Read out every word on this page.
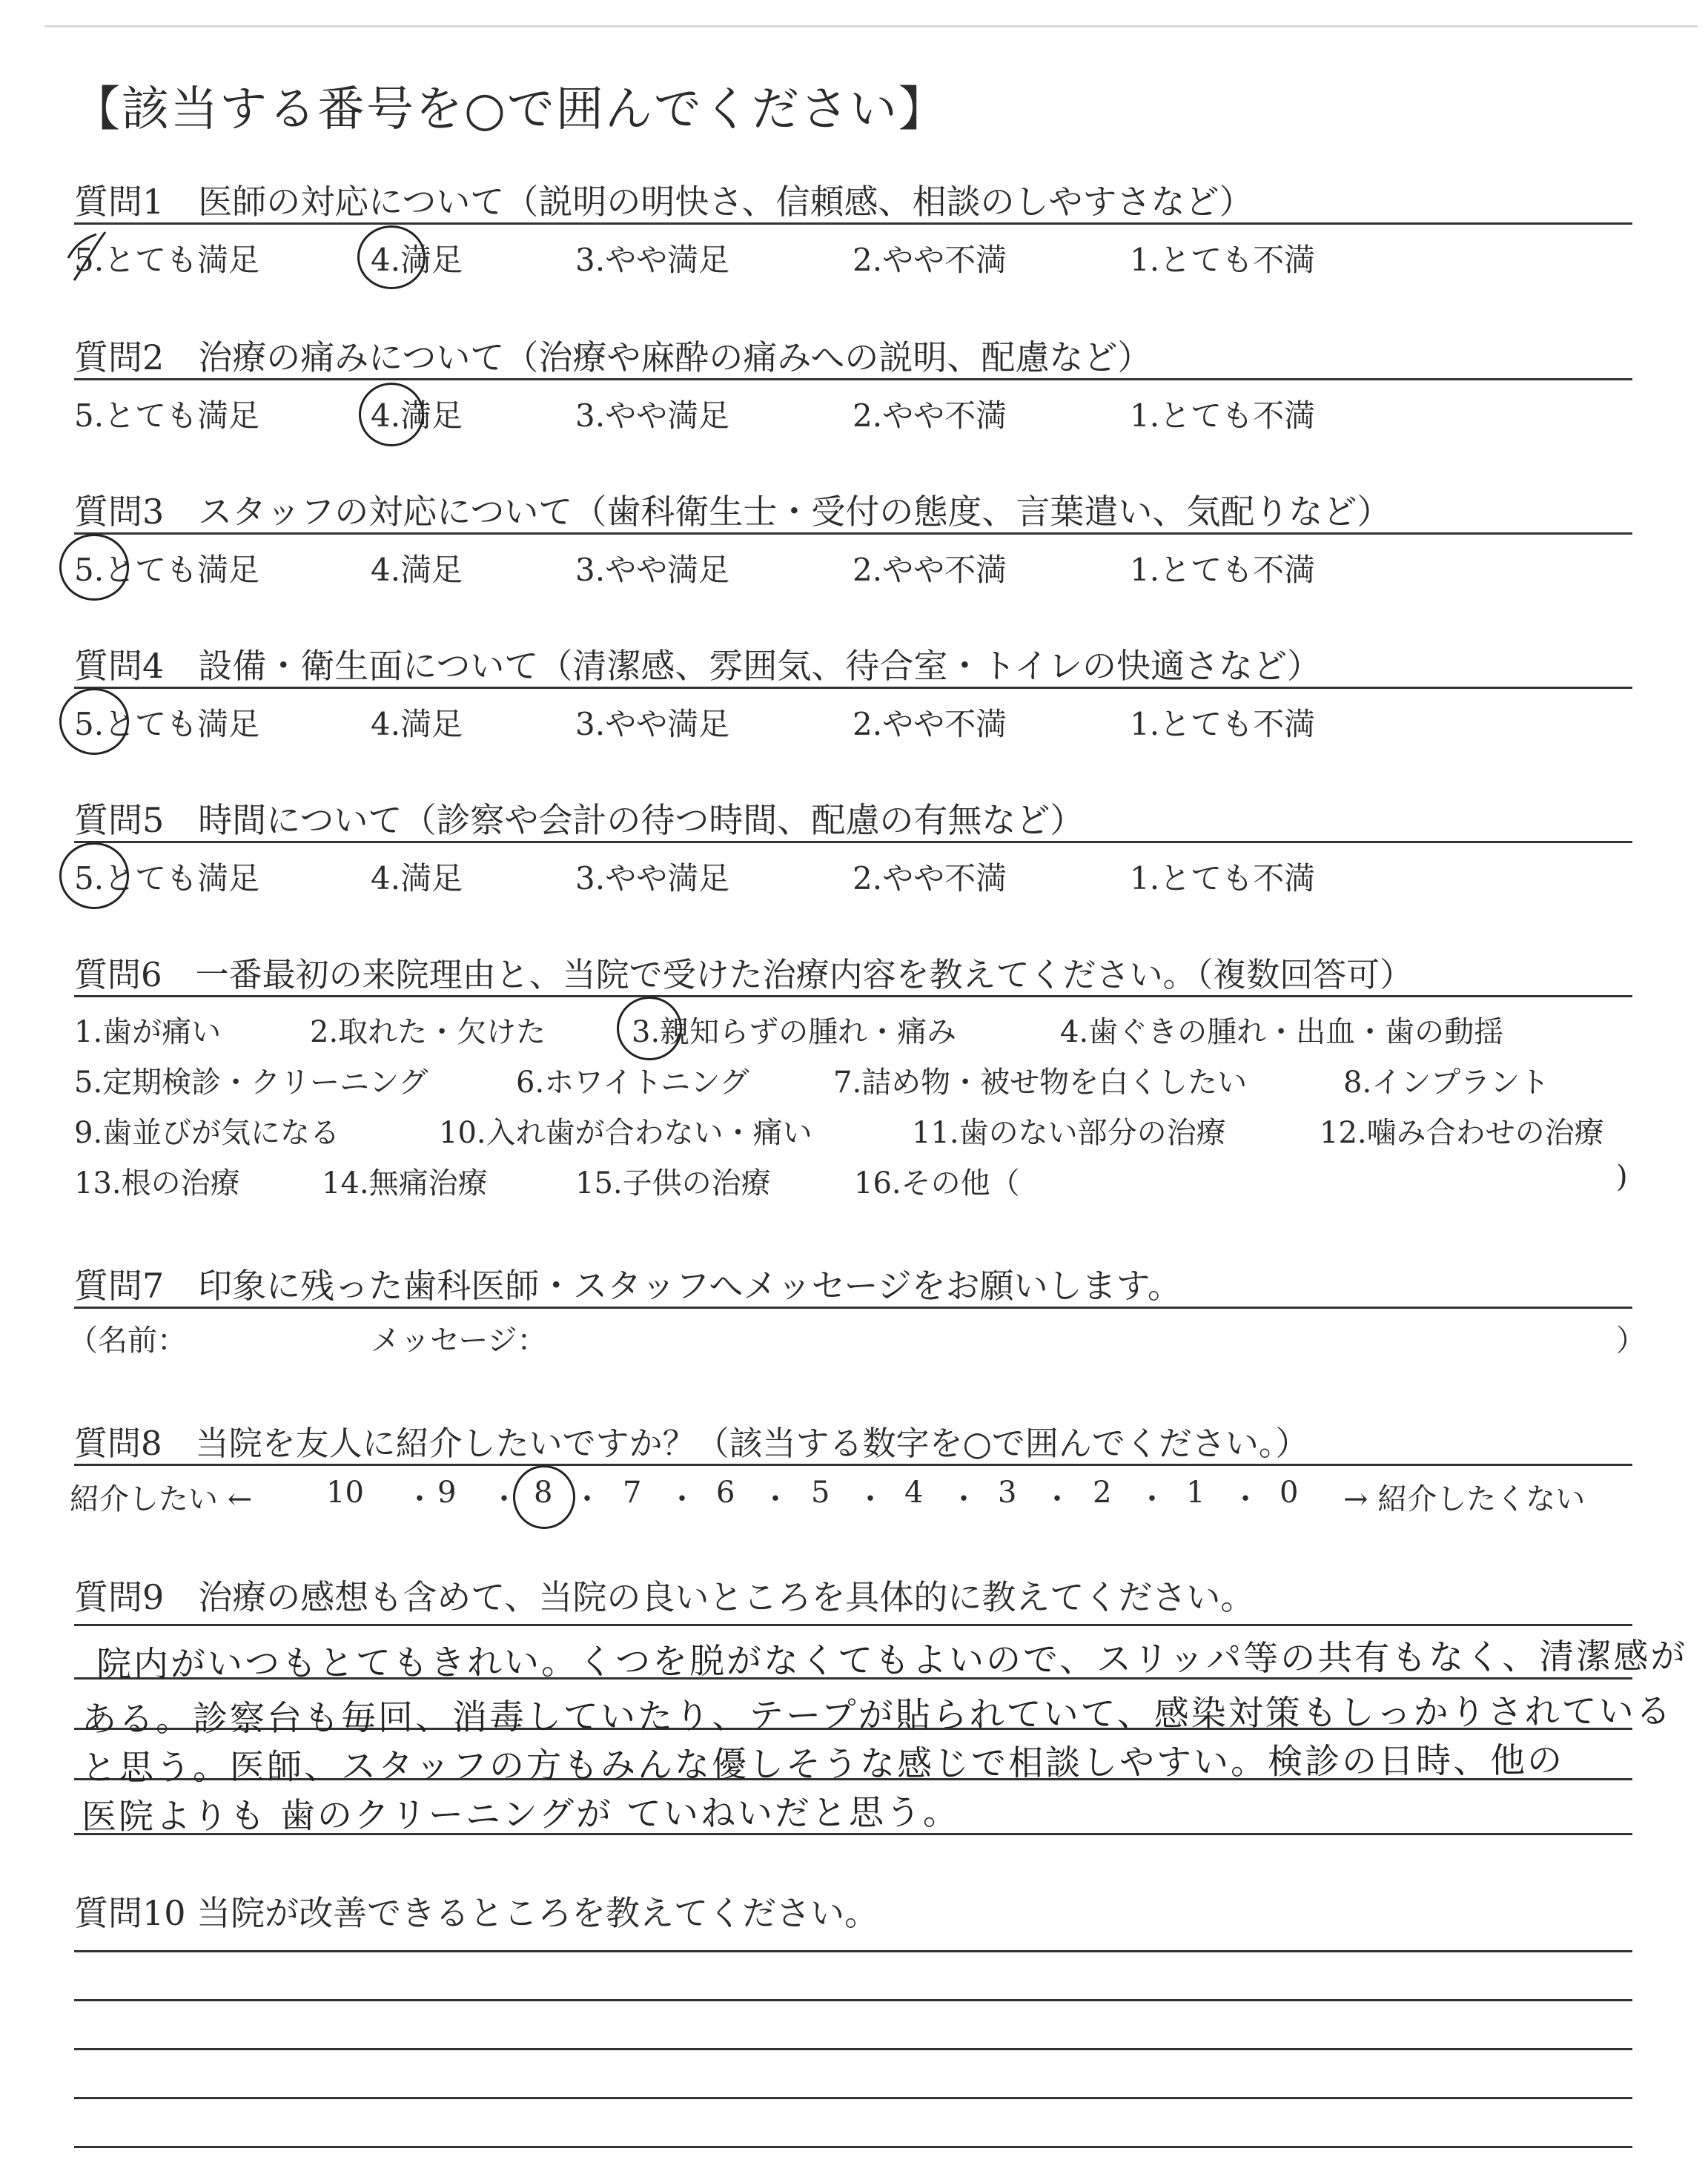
【該当する番号を○で囲んでください】
質問1　医師の対応について（説明の明快さ、信頼感、相談のしやすさなど）
5.とても満足	4.満足	3.やや満足	2.やや不満	1.とても不満
質問2　治療の痛みについて（治療や麻酔の痛みへの説明、配慮など）
5.とても満足	4.満足	3.やや満足	2.やや不満	1.とても不満
質問3　スタッフの対応について（歯科衛生士・受付の態度、言葉遣い、気配りなど）
5.とても満足	4.満足	3.やや満足	2.やや不満	1.とても不満
質問4　設備・衛生面について（清潔感、雰囲気、待合室・トイレの快適さなど）
5.とても満足	4.満足	3.やや満足	2.やや不満	1.とても不満
質問5　時間について（診察や会計の待つ時間、配慮の有無など）
5.とても満足	4.満足	3.やや満足	2.やや不満	1.とても不満
質問6　一番最初の来院理由と、当院で受けた治療内容を教えてください。（複数回答可）
1.歯が痛い	2.取れた・欠けた	3.親知らずの腫れ・痛み	4.歯ぐきの腫れ・出血・歯の動揺
5.定期検診・クリーニング	6.ホワイトニング	7.詰め物・被せ物を白くしたい	8.インプラント
9.歯並びが気になる	10.入れ歯が合わない・痛い	11.歯のない部分の治療	12.噛み合わせの治療
13.根の治療	14.無痛治療	15.子供の治療	16.その他（	)
質問7　印象に残った歯科医師・スタッフへメッセージをお願いします。
（名前：	メッセージ：	）
質問8　当院を友人に紹介したいですか？（該当する数字を○で囲んでください。）
紹介したい ← 10 ・ 9 ・ 8 ・ 7 ・ 6 ・ 5 ・ 4 ・ 3 ・ 2 ・ 1 ・ 0 → 紹介したくない
質問9　治療の感想も含めて、当院の良いところを具体的に教えてください。
院内がいつもとてもきれい。くつを脱がなくてもよいので、スリッパ等の共有もなく、清潔感が
ある。診察台も毎回、消毒していたり、テープが貼られていて、感染対策もしっかりされている
と思う。医師、スタッフの方もみんな優しそうな感じで相談しやすい。検診の日時、他の
医院よりも 歯のクリーニングが ていねいだと思う。
質問10 当院が改善できるところを教えてください。
